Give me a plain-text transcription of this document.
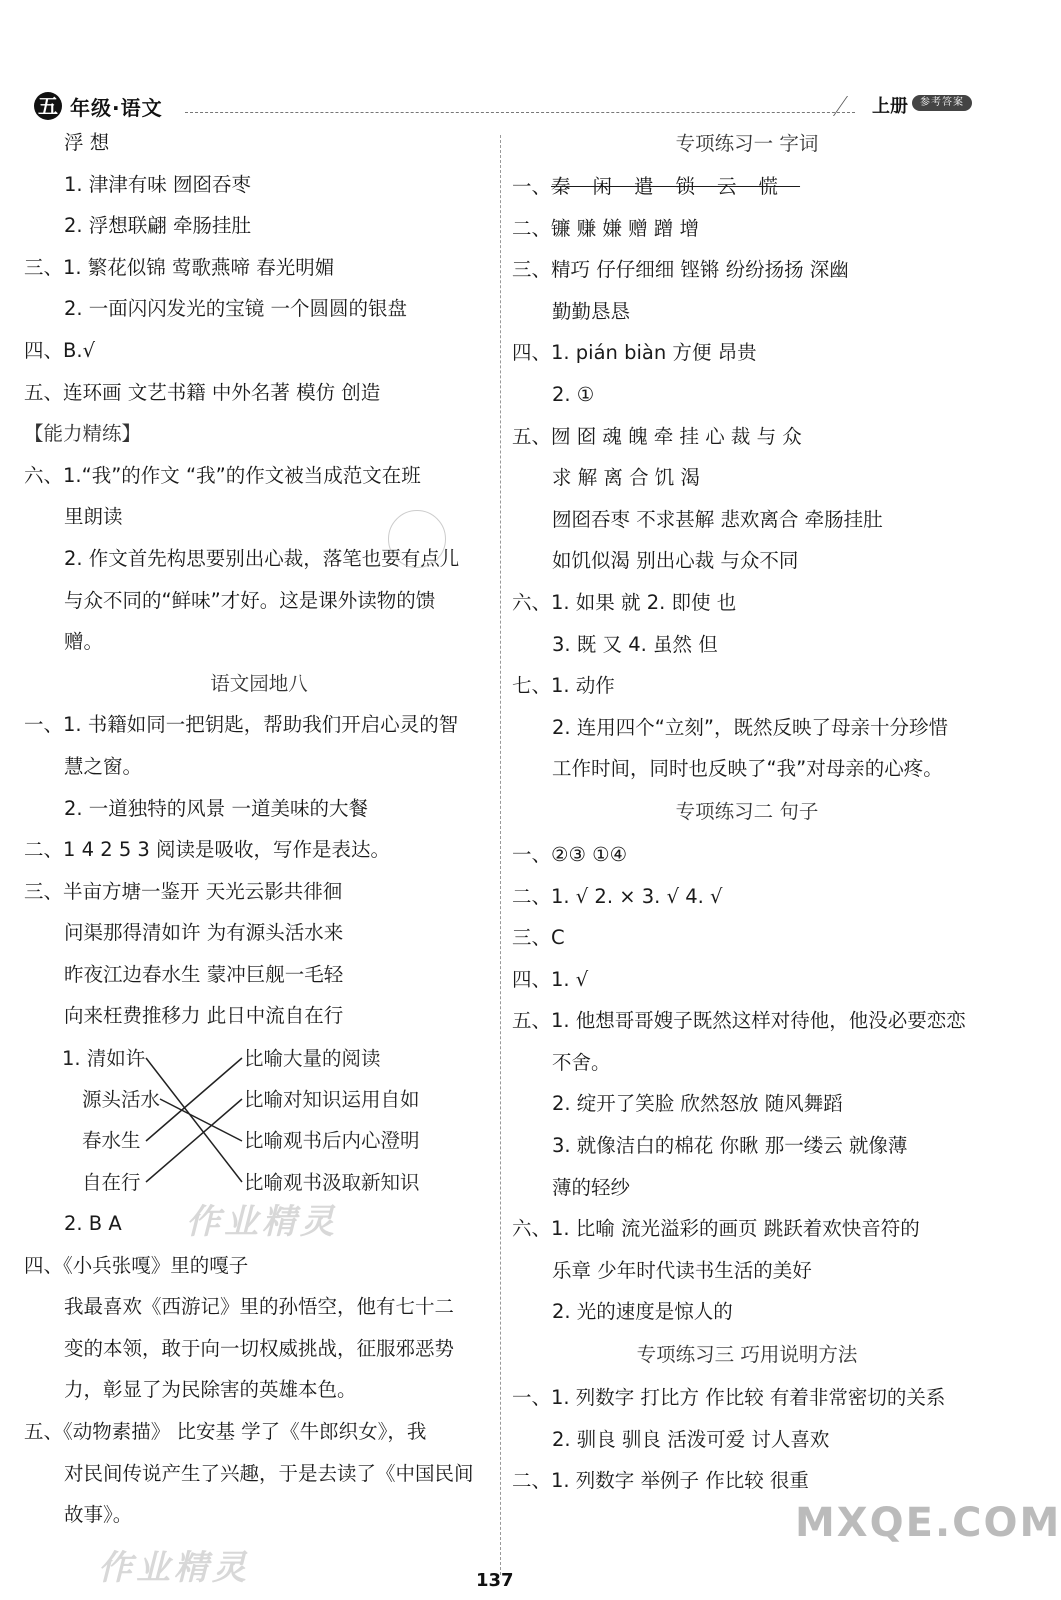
五 年级·语文	上册	参考答案
浮 想
1. 津津有味 囫囵吞枣
2. 浮想联翩 牵肠挂肚
三、1. 繁花似锦 莺歌燕啼 春光明媚
2. 一面闪闪发光的宝镜 一个圆圆的银盘
四、B.√
五、连环画 文艺书籍 中外名著 模仿 创造
【能力精练】
六、1.“我”的作文 “我”的作文被当成范文在班
里朗读
2. 作文首先构思要别出心裁，落笔也要有点儿
与众不同的“鲜味”才好。这是课外读物的馈
赠。
语文园地八
一、1. 书籍如同一把钥匙，帮助我们开启心灵的智
慧之窗。
2. 一道独特的风景 一道美味的大餐
二、1 4 2 5 3 阅读是吸收，写作是表达。
三、半亩方塘一鉴开 天光云影共徘徊
问渠那得清如许 为有源头活水来
昨夜江边春水生 蒙冲巨舰一毛轻
向来枉费推移力 此日中流自在行
1. 清如许
源头活水
春水生
自在行
比喻大量的阅读
比喻对知识运用自如
比喻观书后内心澄明
比喻观书汲取新知识
2. B A
四、《小兵张嘎》里的嘎子
我最喜欢《西游记》里的孙悟空，他有七十二
变的本领，敢于向一切权威挑战，征服邪恶势
力，彰显了为民除害的英雄本色。
五、《动物素描》 比安基 学了《牛郎织女》，我
对民间传说产生了兴趣，于是去读了《中国民间
故事》。
专项练习一 字词
一、秦闲遣锁云慌
二、镰 赚 嫌 赠 蹭 增
三、精巧 仔仔细细 铿锵 纷纷扬扬 深幽
勤勤恳恳
四、1. pián biàn 方便 昂贵
2. ①
五、囫 囵 魂 魄 牵 挂 心 裁 与 众
求 解 离 合 饥 渴
囫囵吞枣 不求甚解 悲欢离合 牵肠挂肚
如饥似渴 别出心裁 与众不同
六、1. 如果 就 2. 即使 也
3. 既 又 4. 虽然 但
七、1. 动作
2. 连用四个“立刻”，既然反映了母亲十分珍惜
工作时间，同时也反映了“我”对母亲的心疼。
专项练习二 句子
一、②③ ①④
二、1. √ 2. × 3. √ 4. √
三、C
四、1. √
五、1. 他想哥哥嫂子既然这样对待他，他没必要恋恋
不舍。
2. 绽开了笑脸 欣然怒放 随风舞蹈
3. 就像洁白的棉花 你瞅 那一缕云 就像薄
薄的轻纱
六、1. 比喻 流光溢彩的画页 跳跃着欢快音符的
乐章 少年时代读书生活的美好
2. 光的速度是惊人的
专项练习三 巧用说明方法
一、1. 列数字 打比方 作比较 有着非常密切的关系
2. 驯良 驯良 活泼可爱 讨人喜欢
二、1. 列数字 举例子 作比较 很重
作业精灵
作业精灵
MXQE.COM
137
